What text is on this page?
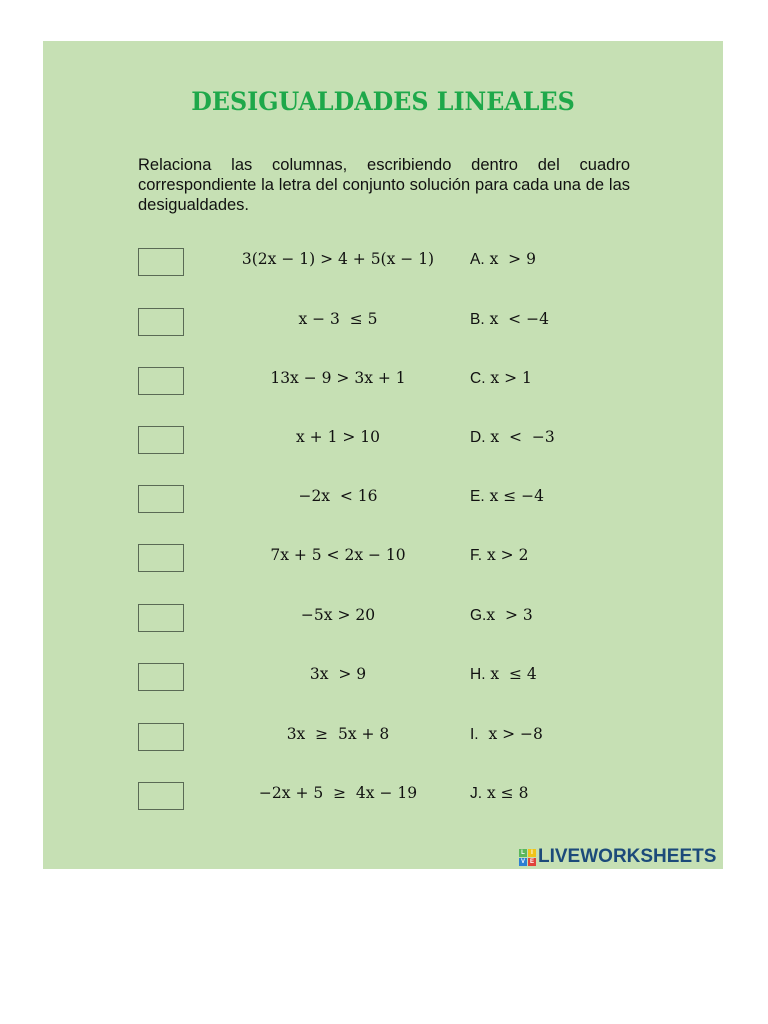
DESIGUALDADES LINEALES
Relaciona las columnas, escribiendo dentro del cuadro correspondiente la letra del conjunto solución para cada una de las desigualdades.
3(2x − 1) > 4 + 5(x − 1)	A. x  > 9
x − 3  ≤ 5	B. x  < −4
13x − 9 > 3x + 1	C. x > 1
x + 1 > 10	D. x  <  −3
−2x  < 16	E. x ≤ −4
7x + 5 < 2x − 10	F. x > 2
−5x > 20	G.x  > 3
3x  > 9	H. x  ≤ 4
3x  ≥  5x + 8	I.  x > −8
−2x + 5  ≥  4x − 19	J. x ≤ 8
L	I
V E LIVEWORKSHEETS
